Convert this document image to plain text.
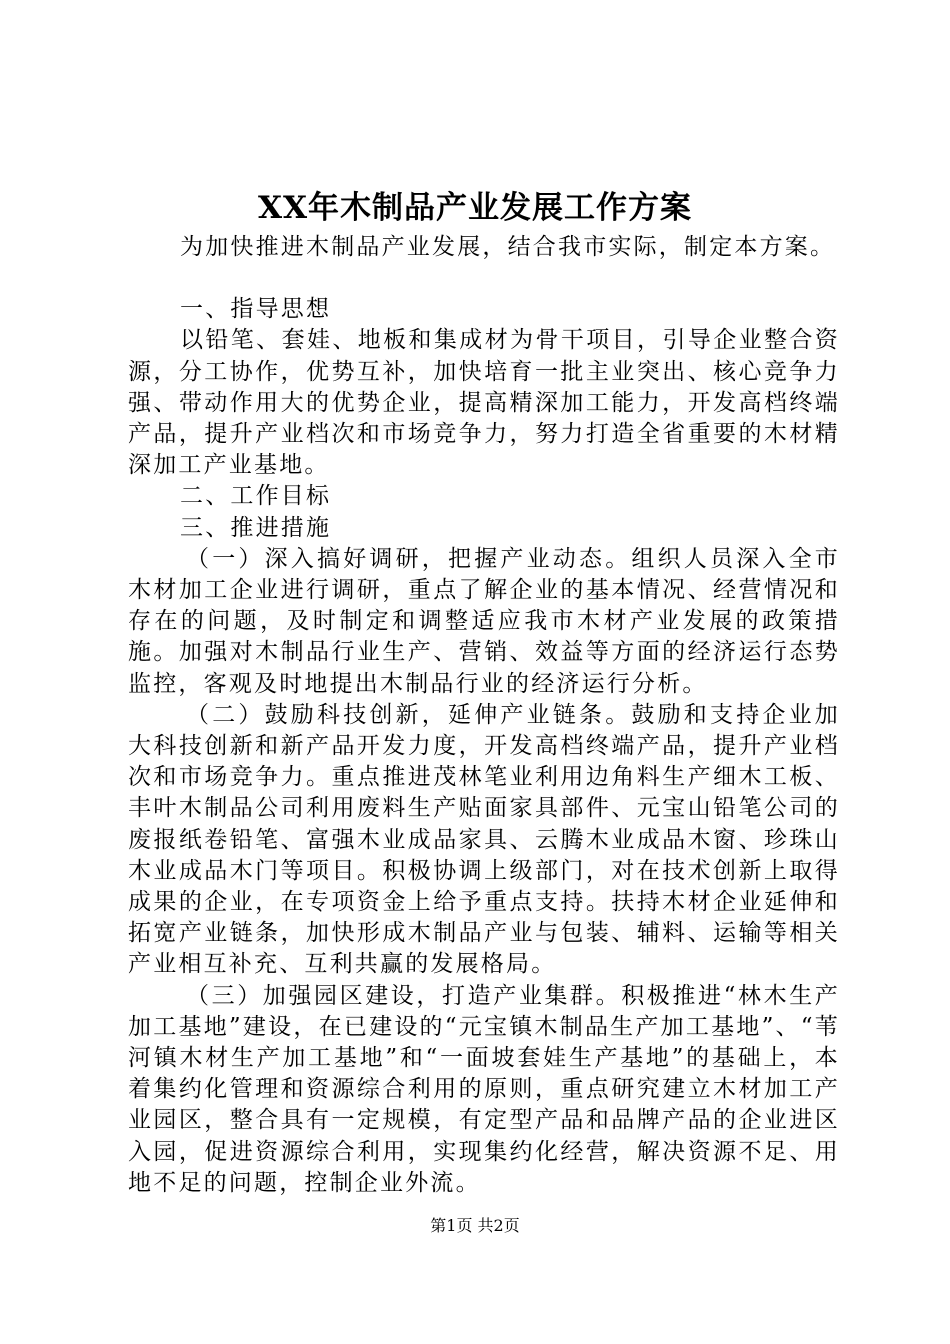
XX年木制品产业发展工作方案

为加快推进木制品产业发展，结合我市实际，制定本方案。

一、指导思想

以铅笔、套娃、地板和集成材为骨干项目，引导企业整合资源，分工协作，优势互补，加快培育一批主业突出、核心竞争力强、带动作用大的优势企业，提高精深加工能力，开发高档终端产品，提升产业档次和市场竞争力，努力打造全省重要的木材精深加工产业基地。

二、工作目标

三、推进措施

（一）深入搞好调研，把握产业动态。组织人员深入全市木材加工企业进行调研，重点了解企业的基本情况、经营情况和存在的问题，及时制定和调整适应我市木材产业发展的政策措施。加强对木制品行业生产、营销、效益等方面的经济运行态势监控，客观及时地提出木制品行业的经济运行分析。

（二）鼓励科技创新，延伸产业链条。鼓励和支持企业加大科技创新和新产品开发力度，开发高档终端产品，提升产业档次和市场竞争力。重点推进茂林笔业利用边角料生产细木工板、丰叶木制品公司利用废料生产贴面家具部件、元宝山铅笔公司的废报纸卷铅笔、富强木业成品家具、云腾木业成品木窗、珍珠山木业成品木门等项目。积极协调上级部门，对在技术创新上取得成果的企业，在专项资金上给予重点支持。扶持木材企业延伸和拓宽产业链条，加快形成木制品产业与包装、辅料、运输等相关产业相互补充、互利共赢的发展格局。

（三）加强园区建设，打造产业集群。积极推进“林木生产加工基地”建设，在已建设的“元宝镇木制品生产加工基地”、“苇河镇木材生产加工基地”和“一面坡套娃生产基地”的基础上，本着集约化管理和资源综合利用的原则，重点研究建立木材加工产业园区，整合具有一定规模，有定型产品和品牌产品的企业进区入园，促进资源综合利用，实现集约化经营，解决资源不足、用地不足的问题，控制企业外流。

第1页 共2页
